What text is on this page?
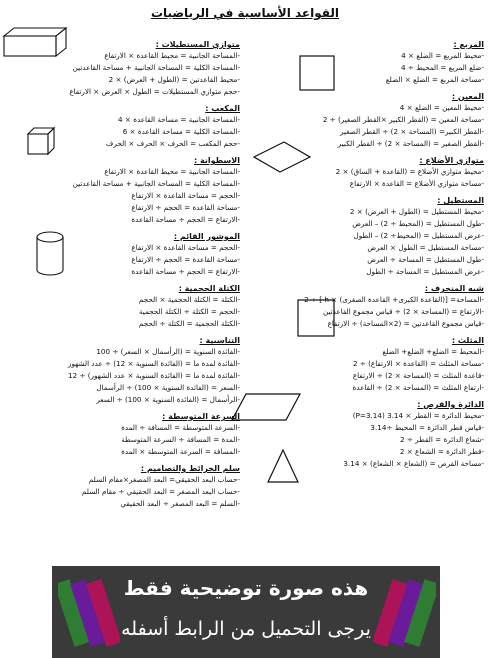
القواعد الأساسية في الرياضيات
المربع :
-محيط المربع = الضلع × 4
-ضلع المربع = المحيط ÷ 4
-مساحة المربع = الضلع × الضلع
المعين :
-محيط المعين = الضلع × 4
-مساحة المعين = (القطر الكبير ×القطر الصغير) ÷ 2
-القطر الكبير= (المساحة × 2) ÷ القطر الصغير
-القطر الصغير = (المساحة × 2) ÷ القطر الكبير
متوازي الأضلاع :
-محيط متوازي الأضلاع = (القاعدة + الساق) × 2
-مساحة متوازي الأضلاع = القاعدة × الارتفاع
المستطيل :
-محيط المستطيل = (الطول + العرض) × 2
-طول المستطيل = (المحيط ÷ 2) – العرض
-عرض المستطيل = (المحيط÷ 2) – الطول
-مساحة المستطيل = الطول × العرض
-طول المستطيل = المساحة ÷ العرض
-عرض المستطيل = المساحة ÷ الطول
شبه المنحرف :
-المساحة= [(القاعدة الكبرى+ القاعدة الصغرى) × h ] ÷ 2
-الارتفاع = (المساحة × 2) ÷ قياس مجموع القاعدتين
-قياس مجموع القاعدتين = (2×المساحة) ÷ الارتفاع
المثلث :
-المحيط = الضلع+ الضلع+ الضلع
-مساحة المثلث = (القاعدة × الارتفاع) ÷ 2
-قاعدة المثلث = (المساحة × 2) ÷ الارتفاع
-ارتفاع المثلث = (المساحة × 2) ÷ القاعدة
الدائرة والقرص :
-محيط الدائرة = القطر × 3.14 (P=3.14)
-قياس قطر الدائرة = المحيط ÷3.14
-شعاع الدائرة = القطر ÷ 2
-قطر الدائرة = الشعاع × 2
-مساحة القرص = (الشعاع × الشعاع) × 3.14
متوازي المستطيلات :
-المساحة الجانبية = محيط القاعدة × الارتفاع
-المساحة الكلية = المساحة الجانبية + مساحة القاعدتين
-محيط القاعدتين = (الطول + العرض) × 2
-حجم متوازي المستطيلات = الطول × العرض × الارتفاع
المكعب :
-المساحة الجانبية = مساحة القاعدة × 4
-المساحة الكلية = مساحة القاعدة × 6
-حجم المكعب = الحرف × الحرف × الحرف
الاسطوانة :
-المساحة الجانبية = محيط القاعدة × الارتفاع
-المساحة الكلية = المساحة الجانبية + مساحة القاعدتين
-الحجم = مساحة القاعدة × الارتفاع
-مساحة القاعدة = الحجم ÷ الارتفاع
-الارتفاع = الحجم ÷ مساحة القاعدة
الموشور القائم :
-الحجم = مساحة القاعدة × الارتفاع
-مساحة القاعدة = الحجم ÷ الارتفاع
-الارتفاع = الحجم ÷ مساحة القاعدة
الكتلة الحجمية :
-الكتلة = الكتلة الحجمية × الحجم
-الحجم = الكتلة ÷ الكتلة الحجمية
-الكتلة الحجمية = الكتلة ÷ الحجم
التناسبية :
-الفائدة السنوية = (الرأسمال × السعر) ÷ 100
-الفائدة لمدة ما = (الفائدة السنوية × 12) ÷ عدد الشهور
-الفائدة لمدة ما = (الفائدة السنوية × عدد الشهور) ÷ 12
-السعر = (الفائدة السنوية × 100) ÷ الرأسمال
-الرأسمال = (الفائدة السنوية × 100) ÷ السعر
السرعة المتوسطة :
-السرعة المتوسطة = المسافة ÷ المدة
-المدة = المسافة ÷ السرعة المتوسطة
-المسافة = السرعة المتوسطة × المدة
سلم الخرائط والتصاميم :
-حساب البعد الحقيقي= البعد المصغر×مقام السلم
-حساب البعد المصغر = البعد الحقيقي ÷ مقام السلم
-السلم = البعد المصغر ÷ البعد الحقيقي
هذه صورة توضيحية فقط
يرجى التحميل من الرابط أسفله
